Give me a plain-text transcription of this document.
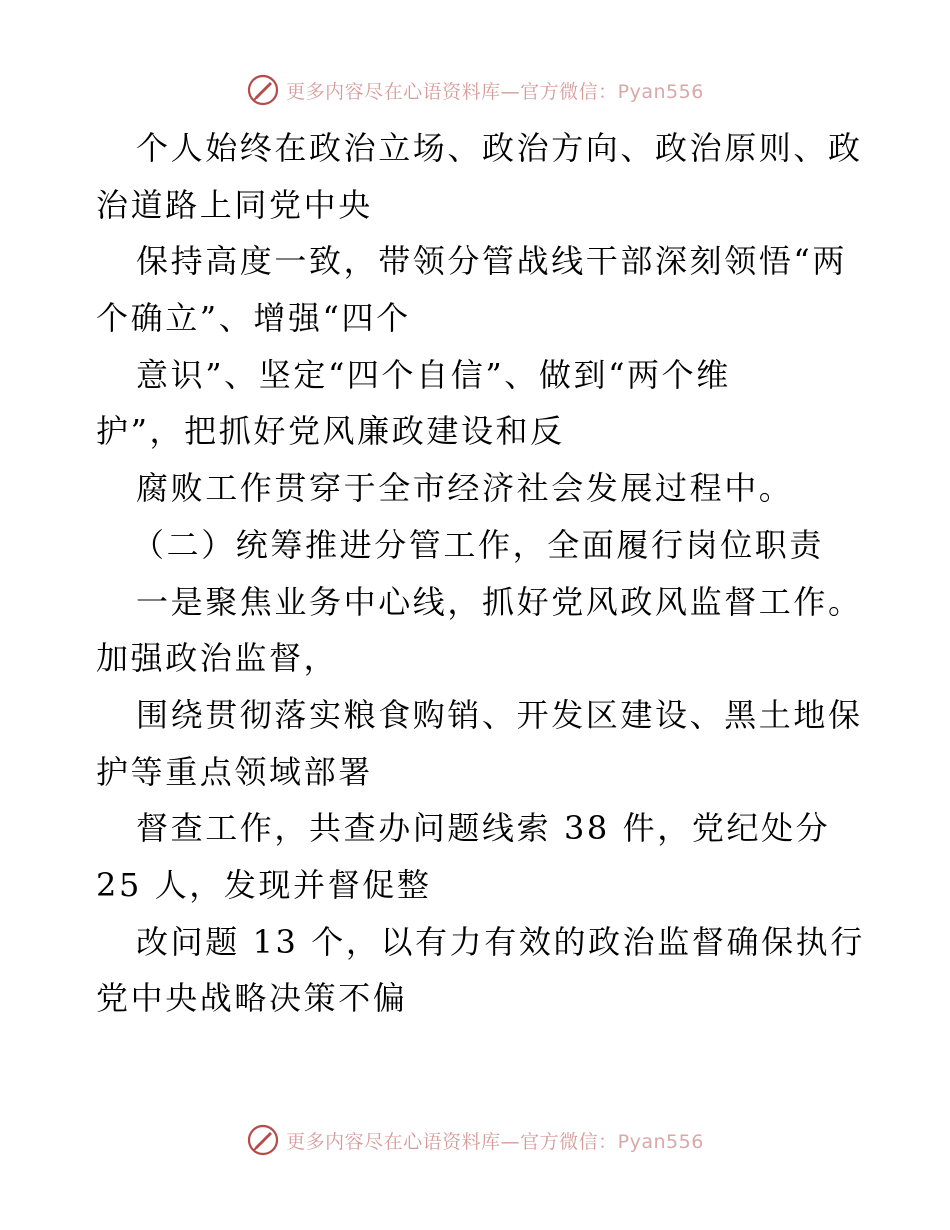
更多内容尽在心语资料库—官方微信：Pyan556
个人始终在政治立场、政治方向、政治原则、政
治道路上同党中央
保持高度一致，带领分管战线干部深刻领悟“两
个确立”、增强“四个
意识”、坚定“四个自信”、做到“两个维
护”，把抓好党风廉政建设和反
腐败工作贯穿于全市经济社会发展过程中。
（二）统筹推进分管工作，全面履行岗位职责
一是聚焦业务中心线，抓好党风政风监督工作。
加强政治监督，
围绕贯彻落实粮食购销、开发区建设、黑土地保
护等重点领域部署
督查工作，共查办问题线索 38 件，党纪处分
25 人，发现并督促整
改问题 13 个，以有力有效的政治监督确保执行
党中央战略决策不偏
更多内容尽在心语资料库—官方微信：Pyan556
